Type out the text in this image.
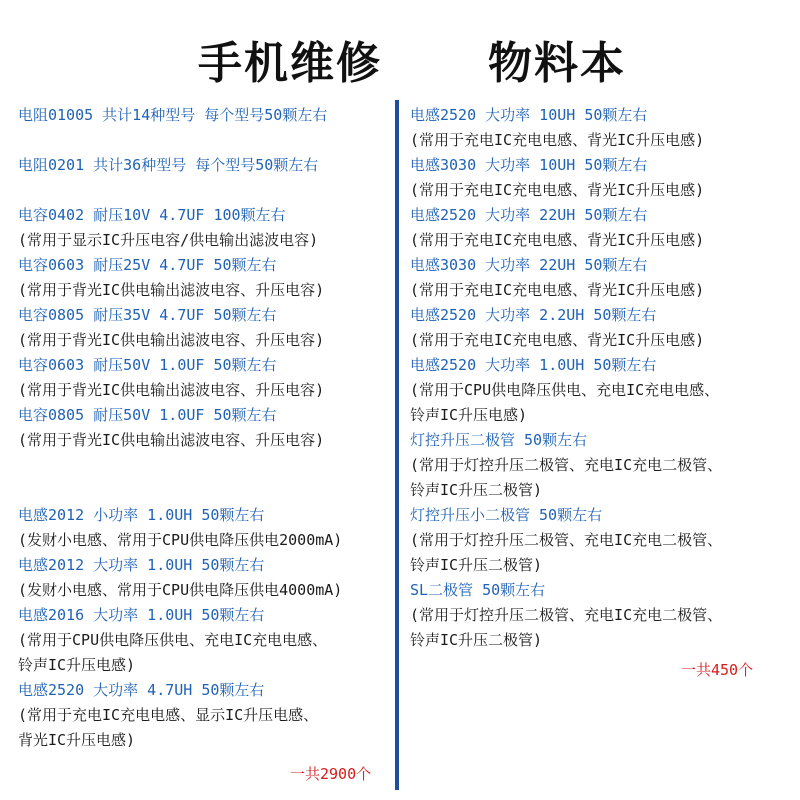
手机维修 物料本
电阻01005 共计14种型号 每个型号50颗左右
电阻0201 共计36种型号 每个型号50颗左右
电容0402 耐压10V 4.7UF 100颗左右
(常用于显示IC升压电容/供电输出滤波电容)
电容0603 耐压25V 4.7UF 50颗左右
(常用于背光IC供电输出滤波电容、升压电容)
电容0805 耐压35V 4.7UF 50颗左右
(常用于背光IC供电输出滤波电容、升压电容)
电容0603 耐压50V 1.0UF 50颗左右
(常用于背光IC供电输出滤波电容、升压电容)
电容0805 耐压50V 1.0UF 50颗左右
(常用于背光IC供电输出滤波电容、升压电容)
电感2012 小功率 1.0UH 50颗左右
(发财小电感、常用于CPU供电降压供电2000mA)
电感2012 大功率 1.0UH 50颗左右
(发财小电感、常用于CPU供电降压供电4000mA)
电感2016 大功率 1.0UH 50颗左右
(常用于CPU供电降压供电、充电IC充电电感、
铃声IC升压电感)
电感2520 大功率 4.7UH 50颗左右
(常用于充电IC充电电感、显示IC升压电感、
背光IC升压电感)
一共2900个
电感2520 大功率 10UH 50颗左右
(常用于充电IC充电电感、背光IC升压电感)
电感3030 大功率 10UH 50颗左右
(常用于充电IC充电电感、背光IC升压电感)
电感2520 大功率 22UH 50颗左右
(常用于充电IC充电电感、背光IC升压电感)
电感3030 大功率 22UH 50颗左右
(常用于充电IC充电电感、背光IC升压电感)
电感2520 大功率 2.2UH 50颗左右
(常用于充电IC充电电感、背光IC升压电感)
电感2520 大功率 1.0UH 50颗左右
(常用于CPU供电降压供电、充电IC充电电感、
铃声IC升压电感)
灯控升压二极管 50颗左右
(常用于灯控升压二极管、充电IC充电二极管、
铃声IC升压二极管)
灯控升压小二极管 50颗左右
(常用于灯控升压二极管、充电IC充电二极管、
铃声IC升压二极管)
SL二极管 50颗左右
(常用于灯控升压二极管、充电IC充电二极管、
铃声IC升压二极管)
一共450个
